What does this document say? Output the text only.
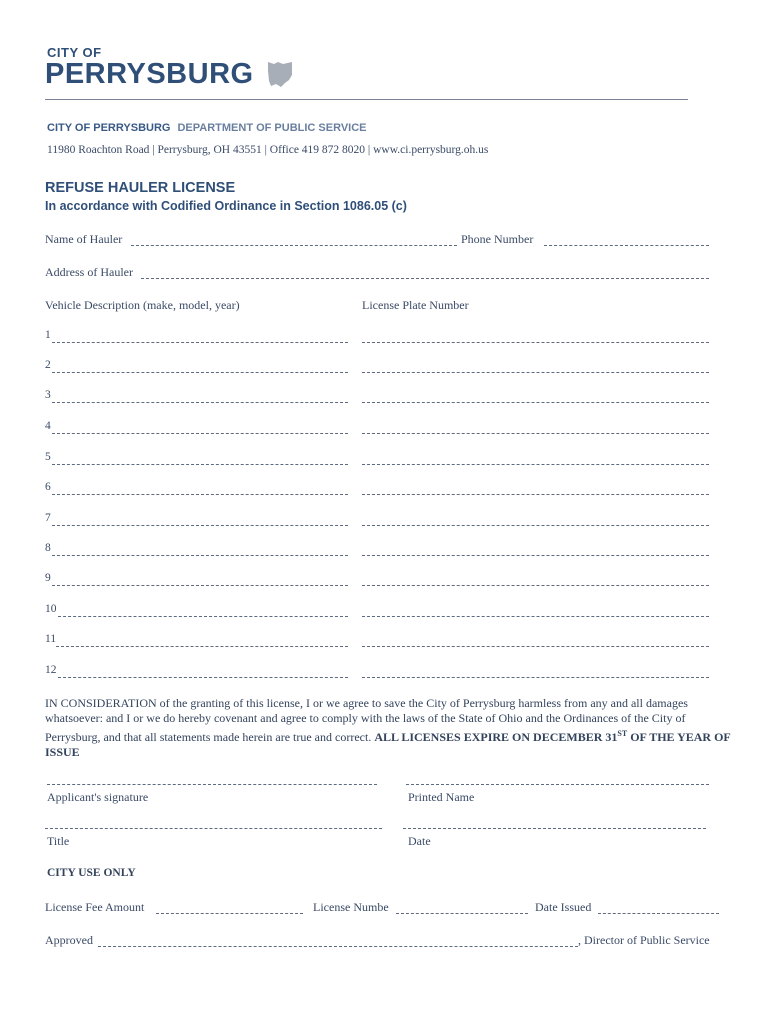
CITY OF
PERRYSBURG
CITY OF PERRYSBURG DEPARTMENT OF PUBLIC SERVICE
11980 Roachton Road | Perrysburg, OH 43551 | Office 419 872 8020 | www.ci.perrysburg.oh.us
REFUSE HAULER LICENSE
In accordance with Codified Ordinance in Section 1086.05 (c)
Name of Hauler	Phone Number
Address of Hauler
Vehicle Description (make, model, year)	License Plate Number
1
2
3
4
5
6
7
8
9
10
11
12
IN CONSIDERATION of the granting of this license, I or we agree to save the City of Perrysburg harmless from any and all damages whatsoever: and I or we do hereby covenant and agree to comply with the laws of the State of Ohio and the Ordinances of the City of Perrysburg, and that all statements made herein are true and correct. ALL LICENSES EXPIRE ON DECEMBER 31ST OF THE YEAR OF ISSUE
Applicant's signature	Printed Name
Title	Date
CITY USE ONLY
License Fee Amount	License Numbe	Date Issued
Approved	, Director of Public Service
